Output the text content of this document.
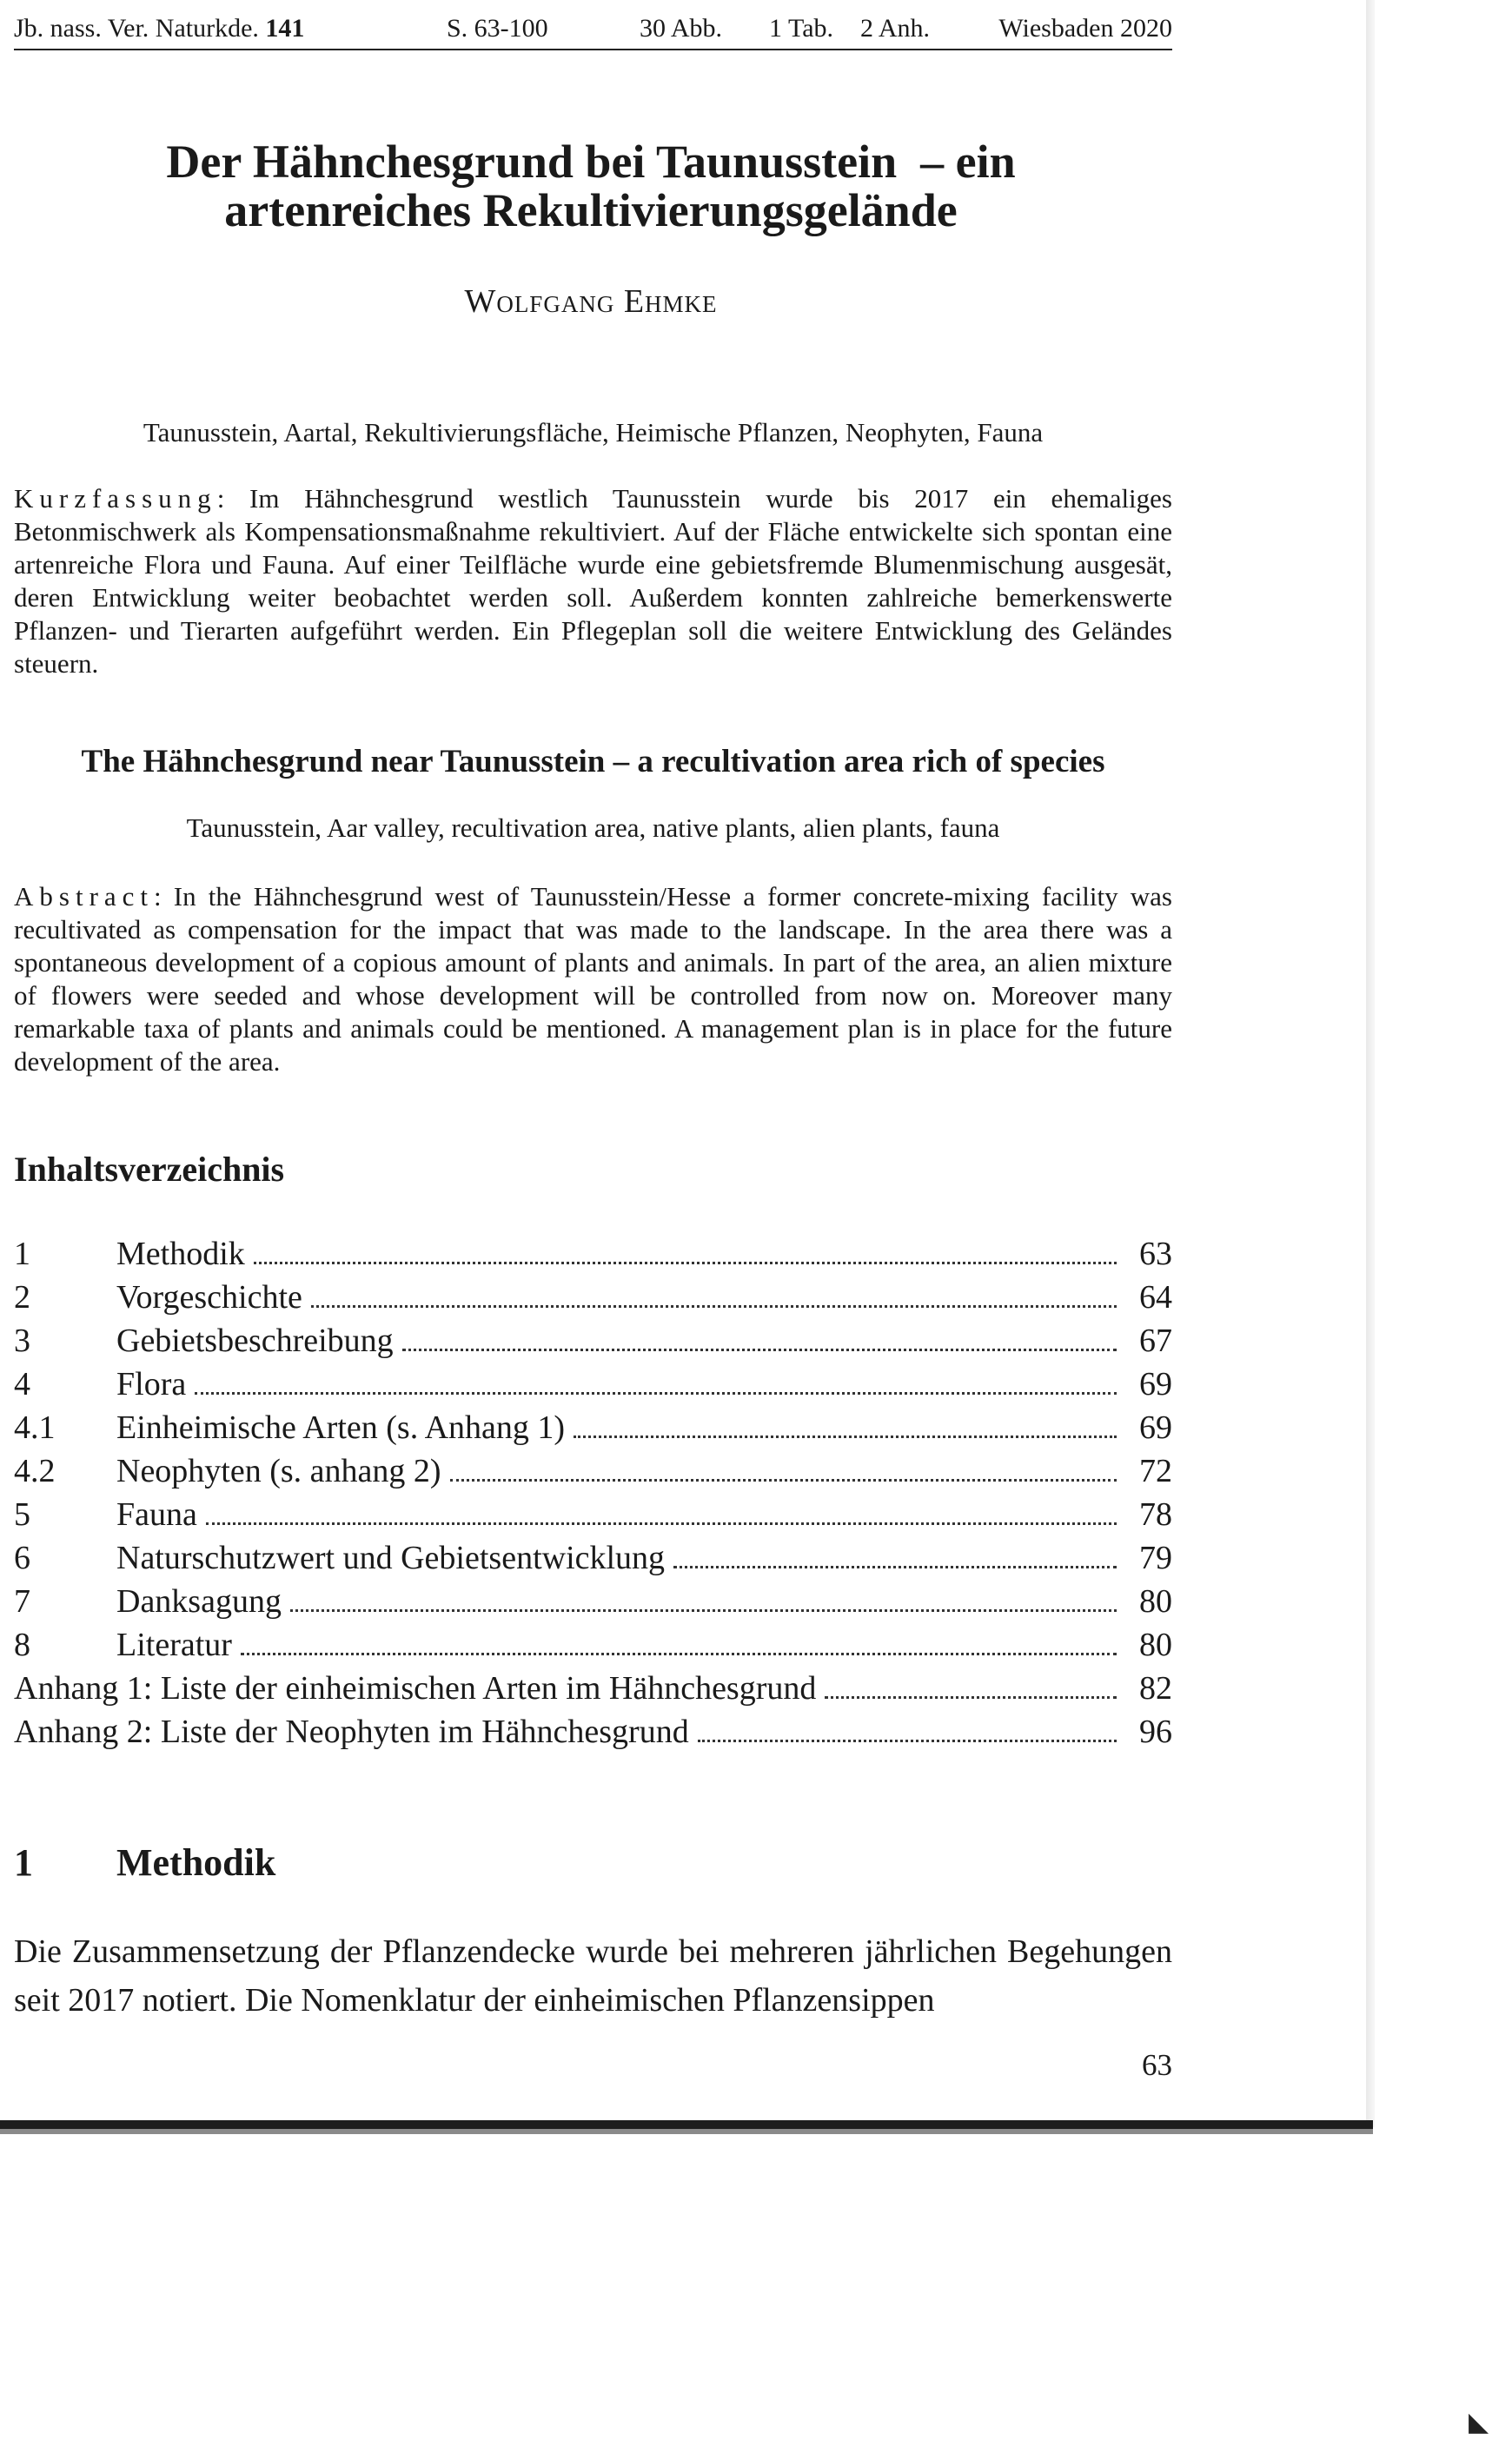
Jb. nass. Ver. Naturkde. 141	S. 63-100	30 Abb. 1 Tab. 2 Anh.	Wiesbaden 2020
Der Hähnchesgrund bei Taunusstein  – ein
artenreiches Rekultivierungsgelände
Wolfgang Ehmke
Taunusstein, Aartal, Rekultivierungsfläche, Heimische Pflanzen, Neophyten, Fauna
Kurzfassung: Im Hähnchesgrund westlich Taunusstein wurde bis 2017 ein ehemaliges Betonmischwerk als Kompensationsmaßnahme rekultiviert. Auf der Fläche entwickelte sich spontan eine artenreiche Flora und Fauna. Auf einer Teilfläche wurde eine gebietsfremde Blumenmischung ausgesät, deren Entwicklung weiter beobachtet werden soll. Außerdem konnten zahlreiche bemerkenswerte Pflanzen- und Tierarten aufgeführt werden. Ein Pflegeplan soll die weitere Entwicklung des Geländes steuern.
The Hähnchesgrund near Taunusstein – a recultivation area rich of species
Taunusstein, Aar valley, recultivation area, native plants, alien plants, fauna
Abstract: In the Hähnchesgrund west of Taunusstein/Hesse a former concrete-mixing facility was recultivated as compensation for the impact that was made to the landscape. In the area there was a spontaneous development of a copious amount of plants and animals. In part of the area, an alien mixture of flowers were seeded and whose development will be controlled from now on. Moreover many remarkable taxa of plants and animals could be mentioned. A management plan is in place for the future development of the area.
Inhaltsverzeichnis
1	Methodik	63
2	Vorgeschichte	64
3	Gebietsbeschreibung	67
4	Flora	69
4.1	Einheimische Arten (s. Anhang 1)	69
4.2	Neophyten (s. anhang 2)	72
5	Fauna	78
6	Naturschutzwert und Gebietsentwicklung	79
7	Danksagung	80
8	Literatur	80
Anhang 1: Liste der einheimischen Arten im Hähnchesgrund	82
Anhang 2: Liste der Neophyten im Hähnchesgrund	96
1 Methodik
Die Zusammensetzung der Pflanzendecke wurde bei mehreren jährlichen Begehungen seit 2017 notiert. Die Nomenklatur der einheimischen Pflanzensippen
63
◣
